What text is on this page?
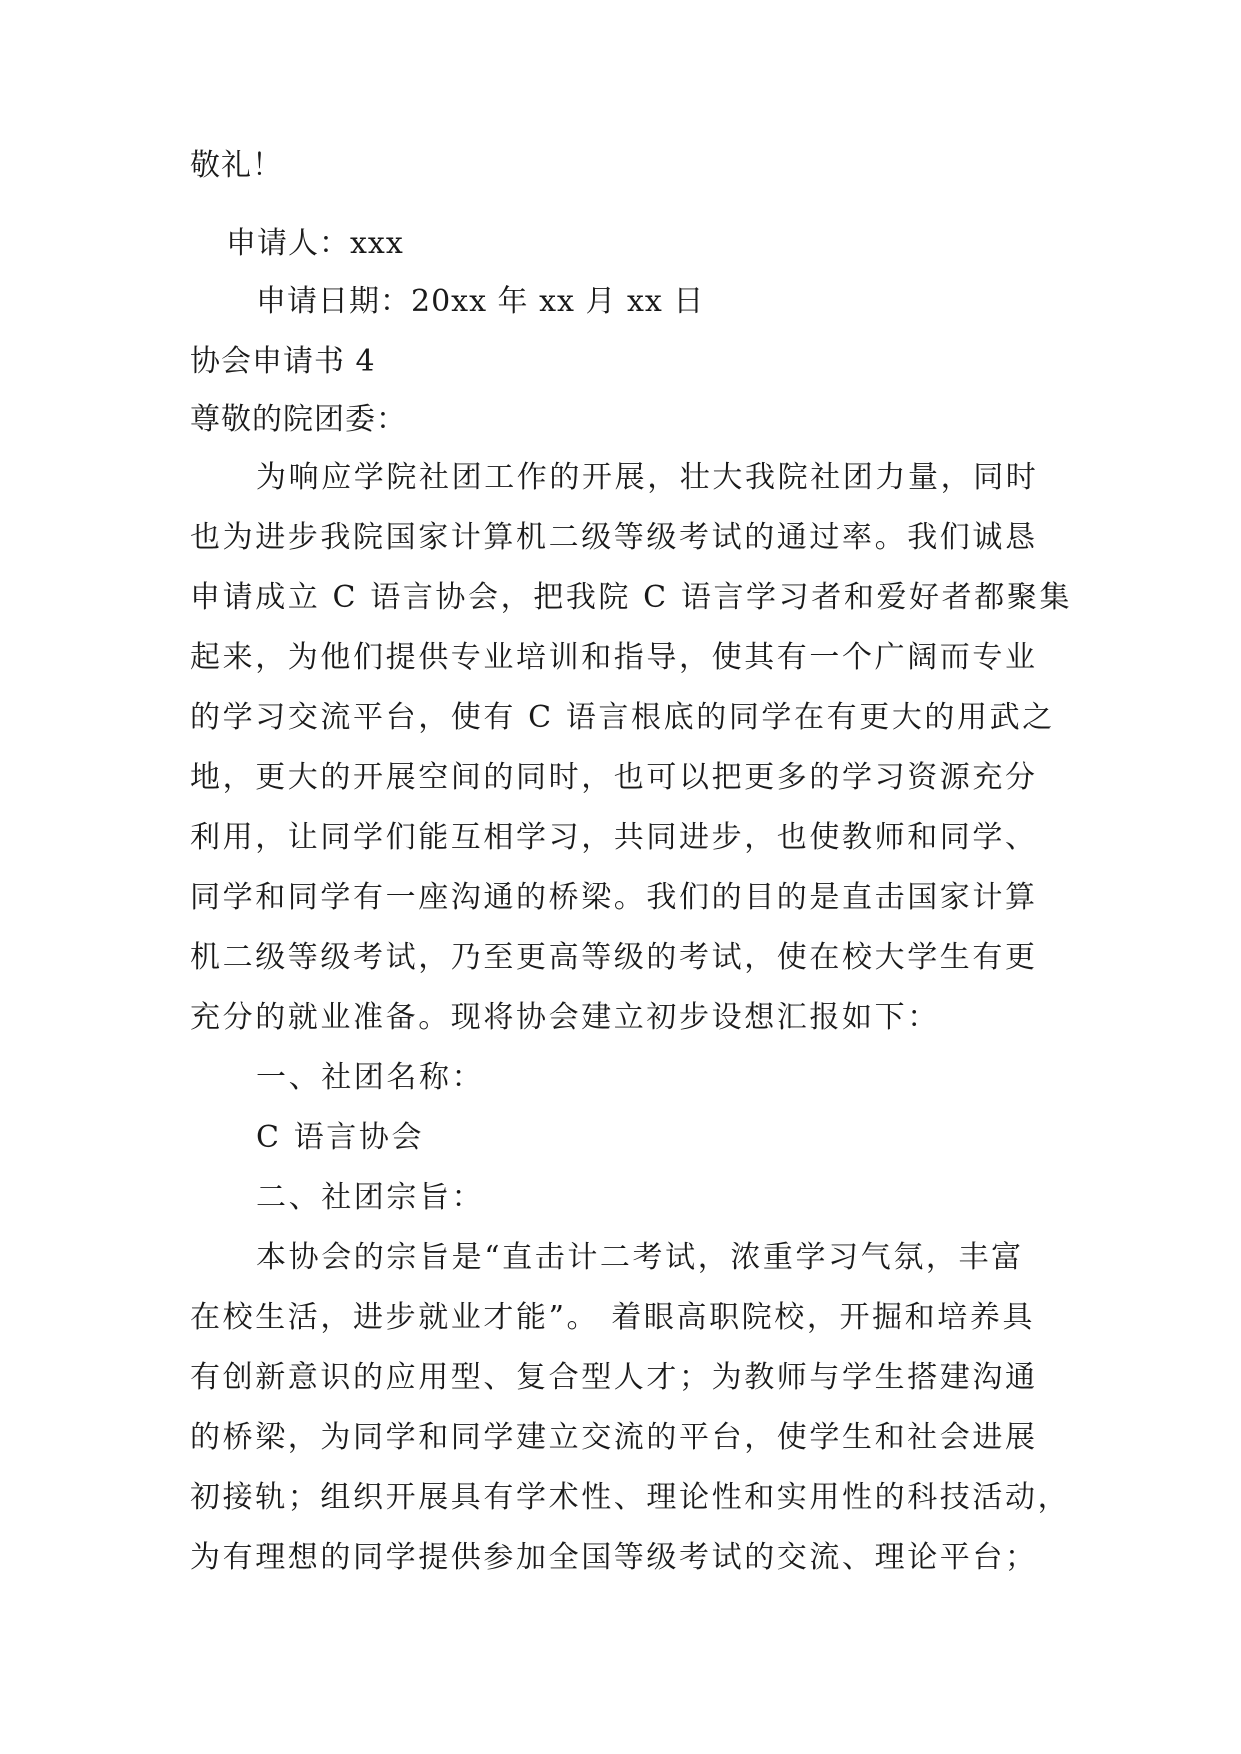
敬礼！
申请人：xxx
申请日期：20xx 年 xx 月 xx 日
协会申请书 4
尊敬的院团委：
为响应学院社团工作的开展，壮大我院社团力量，同时
也为进步我院国家计算机二级等级考试的通过率。我们诚恳
申请成立 C 语言协会，把我院 C 语言学习者和爱好者都聚集
起来，为他们提供专业培训和指导，使其有一个广阔而专业
的学习交流平台，使有 C 语言根底的同学在有更大的用武之
地，更大的开展空间的同时，也可以把更多的学习资源充分
利用，让同学们能互相学习，共同进步，也使教师和同学、
同学和同学有一座沟通的桥梁。我们的目的是直击国家计算
机二级等级考试，乃至更高等级的考试，使在校大学生有更
充分的就业准备。现将协会建立初步设想汇报如下：
一、社团名称：
C 语言协会
二、社团宗旨：
本协会的宗旨是“直击计二考试，浓重学习气氛，丰富
在校生活，进步就业才能”。 着眼高职院校，开掘和培养具
有创新意识的应用型、复合型人才；为教师与学生搭建沟通
的桥梁，为同学和同学建立交流的平台，使学生和社会进展
初接轨；组织开展具有学术性、理论性和实用性的科技活动，
为有理想的同学提供参加全国等级考试的交流、理论平台；
